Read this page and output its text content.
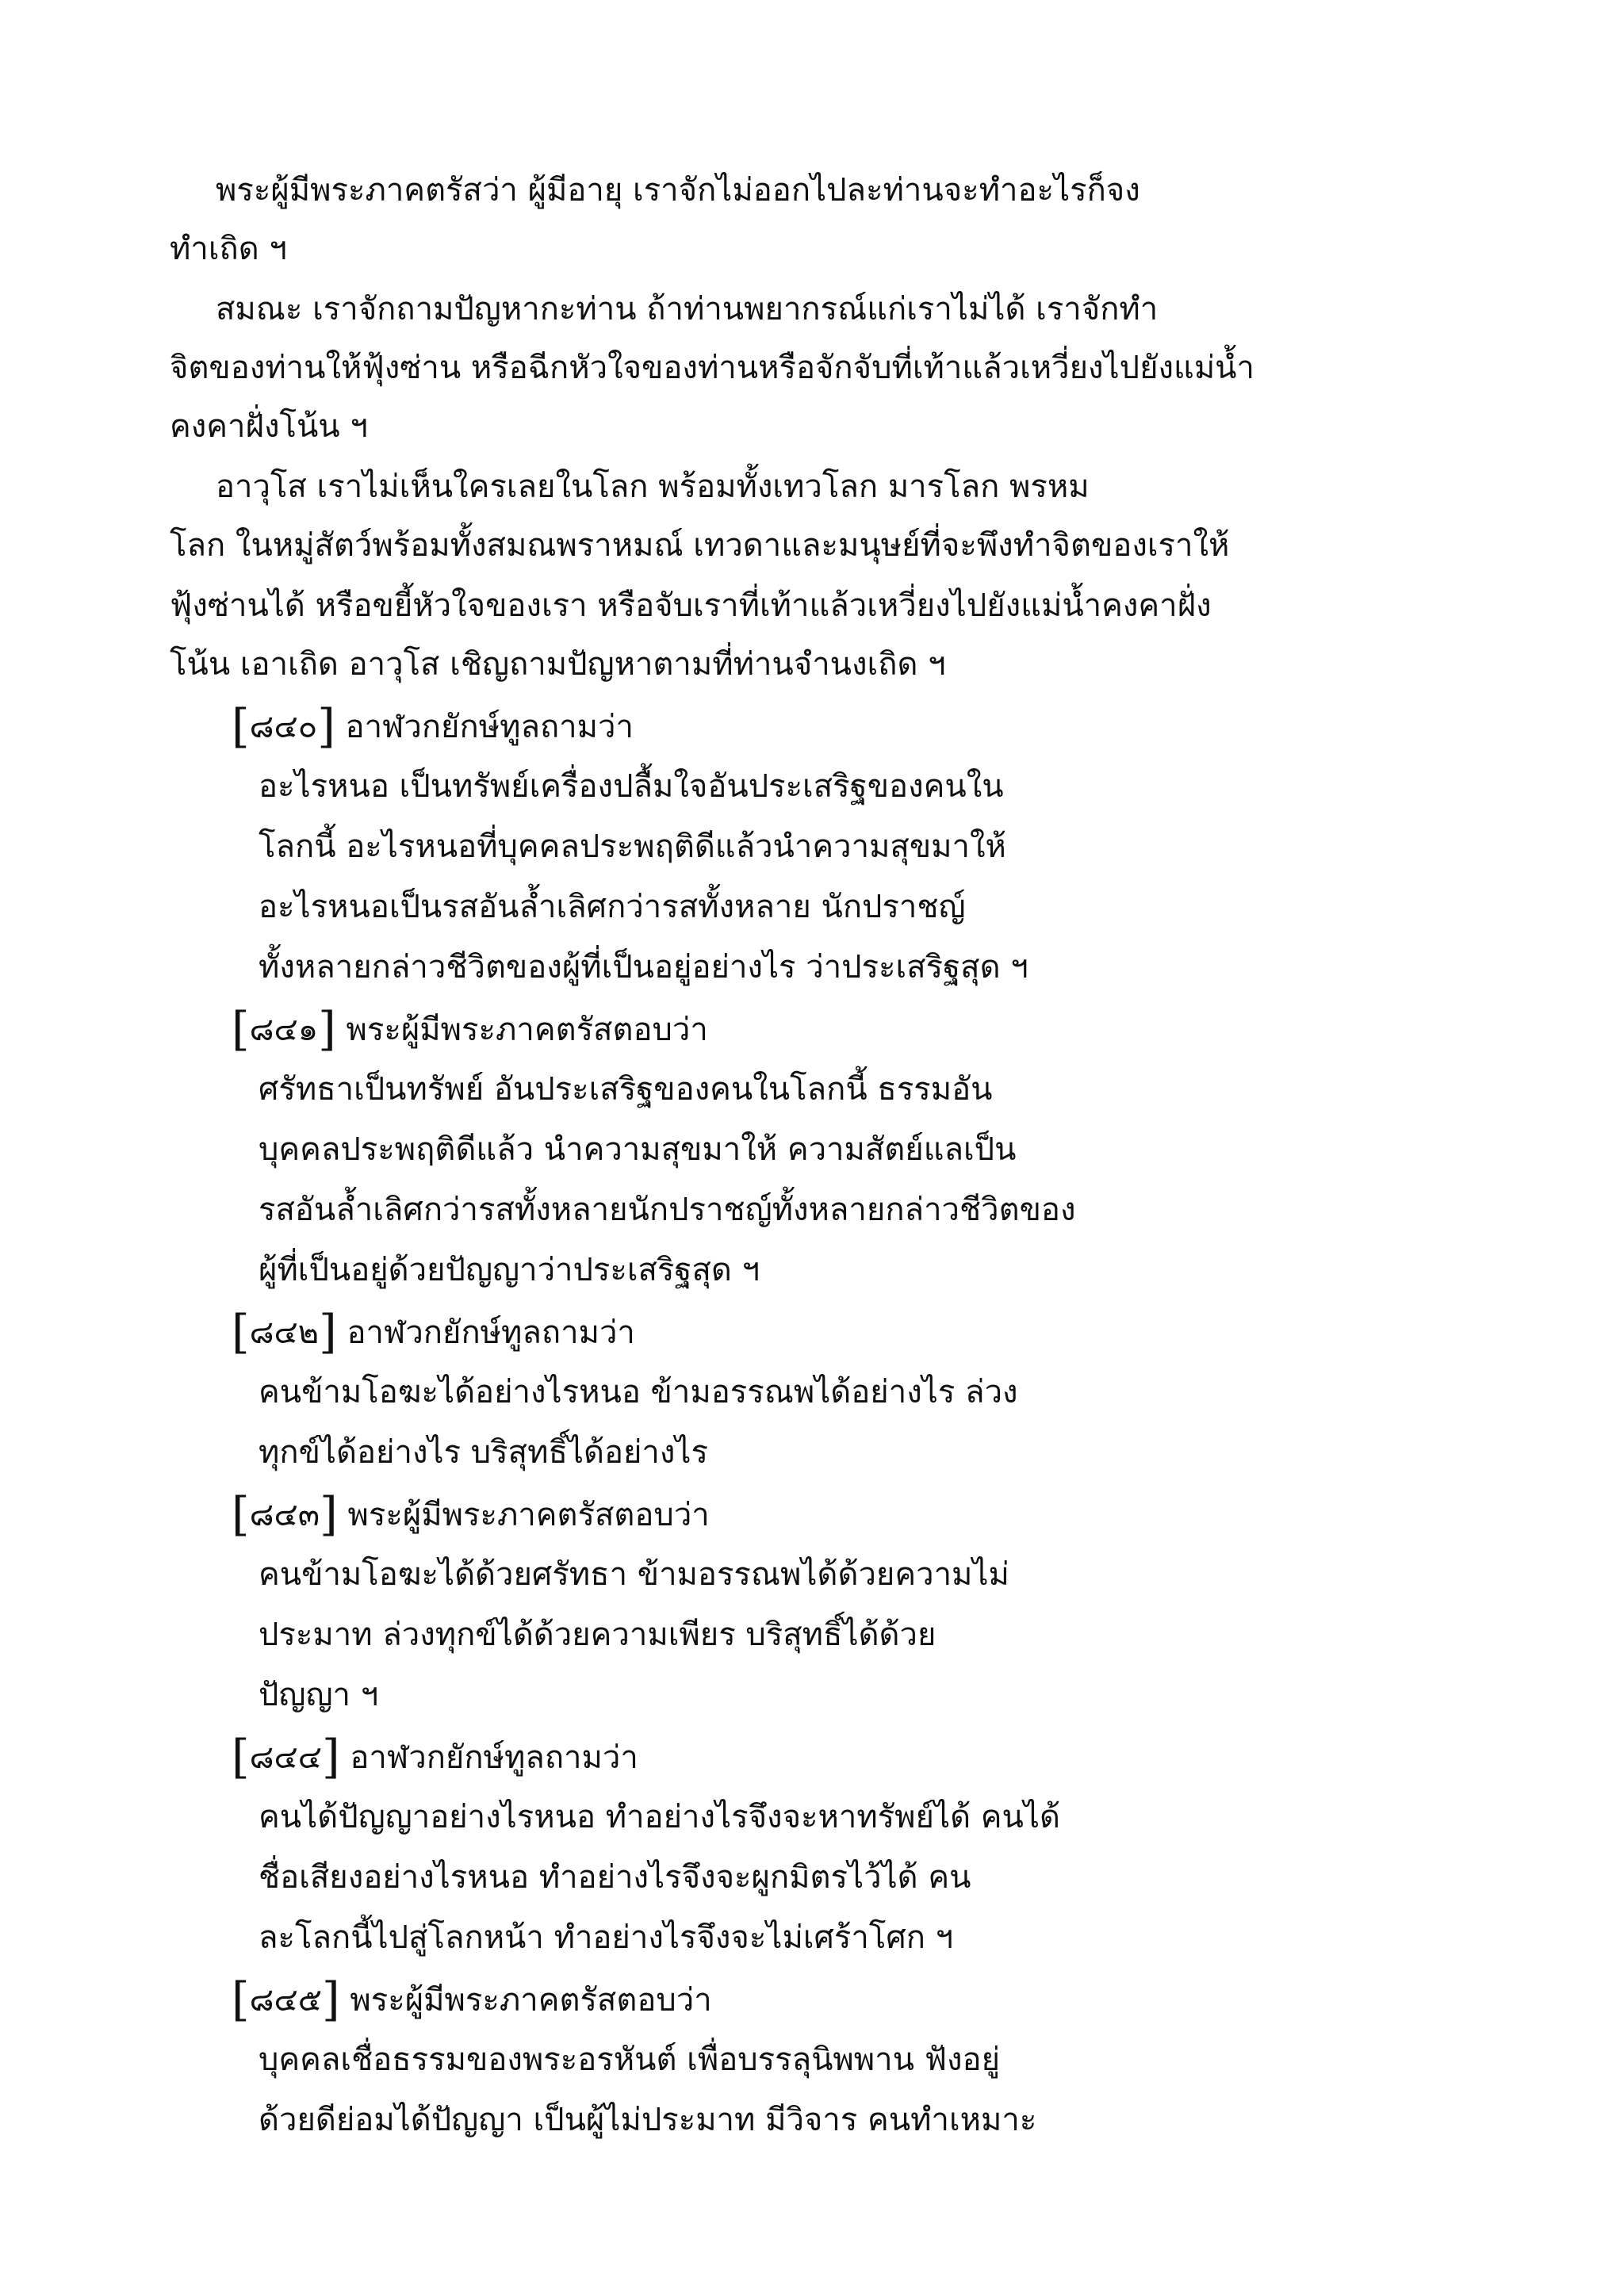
พระผู้มีพระภาคตรัสว่า ผู้มีอายุ เราจักไม่ออกไปละท่านจะทำอะไรก็จง
ทำเถิด ฯ
สมณะ เราจักถามปัญหากะท่าน ถ้าท่านพยากรณ์แก่เราไม่ได้ เราจักทำ
จิตของท่านให้ฟุ้งซ่าน หรือฉีกหัวใจของท่านหรือจักจับที่เท้าแล้วเหวี่ยงไปยังแม่น้ำ
คงคาฝั่งโน้น ฯ
อาวุโส เราไม่เห็นใครเลยในโลก พร้อมทั้งเทวโลก มารโลก พรหม
โลก ในหมู่สัตว์พร้อมทั้งสมณพราหมณ์ เทวดาและมนุษย์ที่จะพึงทำจิตของเราให้
ฟุ้งซ่านได้ หรือขยี้หัวใจของเรา หรือจับเราที่เท้าแล้วเหวี่ยงไปยังแม่น้ำคงคาฝั่ง
โน้น เอาเถิด อาวุโส เชิญถามปัญหาตามที่ท่านจำนงเถิด ฯ
[๘๔๐] อาฬวกยักษ์ทูลถามว่า
อะไรหนอ เป็นทรัพย์เครื่องปลื้มใจอันประเสริฐของคนใน
โลกนี้ อะไรหนอที่บุคคลประพฤติดีแล้วนำความสุขมาให้
อะไรหนอเป็นรสอันล้ำเลิศกว่ารสทั้งหลาย นักปราชญ์
ทั้งหลายกล่าวชีวิตของผู้ที่เป็นอยู่อย่างไร ว่าประเสริฐสุด ฯ
[๘๔๑] พระผู้มีพระภาคตรัสตอบว่า
ศรัทธาเป็นทรัพย์ อันประเสริฐของคนในโลกนี้ ธรรมอัน
บุคคลประพฤติดีแล้ว นำความสุขมาให้ ความสัตย์แลเป็น
รสอันล้ำเลิศกว่ารสทั้งหลายนักปราชญ์ทั้งหลายกล่าวชีวิตของ
ผู้ที่เป็นอยู่ด้วยปัญญาว่าประเสริฐสุด ฯ
[๘๔๒] อาฬวกยักษ์ทูลถามว่า
คนข้ามโอฆะได้อย่างไรหนอ ข้ามอรรณพได้อย่างไร ล่วง
ทุกข์ได้อย่างไร บริสุทธิ์ได้อย่างไร
[๘๔๓] พระผู้มีพระภาคตรัสตอบว่า
คนข้ามโอฆะได้ด้วยศรัทธา ข้ามอรรณพได้ด้วยความไม่
ประมาท ล่วงทุกข์ได้ด้วยความเพียร บริสุทธิ์ได้ด้วย
ปัญญา ฯ
[๘๔๔] อาฬวกยักษ์ทูลถามว่า
คนได้ปัญญาอย่างไรหนอ ทำอย่างไรจึงจะหาทรัพย์ได้ คนได้
ชื่อเสียงอย่างไรหนอ ทำอย่างไรจึงจะผูกมิตรไว้ได้ คน
ละโลกนี้ไปสู่โลกหน้า ทำอย่างไรจึงจะไม่เศร้าโศก ฯ
[๘๔๕] พระผู้มีพระภาคตรัสตอบว่า
บุคคลเชื่อธรรมของพระอรหันต์ เพื่อบรรลุนิพพาน ฟังอยู่
ด้วยดีย่อมได้ปัญญา เป็นผู้ไม่ประมาท มีวิจาร คนทำเหมาะ
